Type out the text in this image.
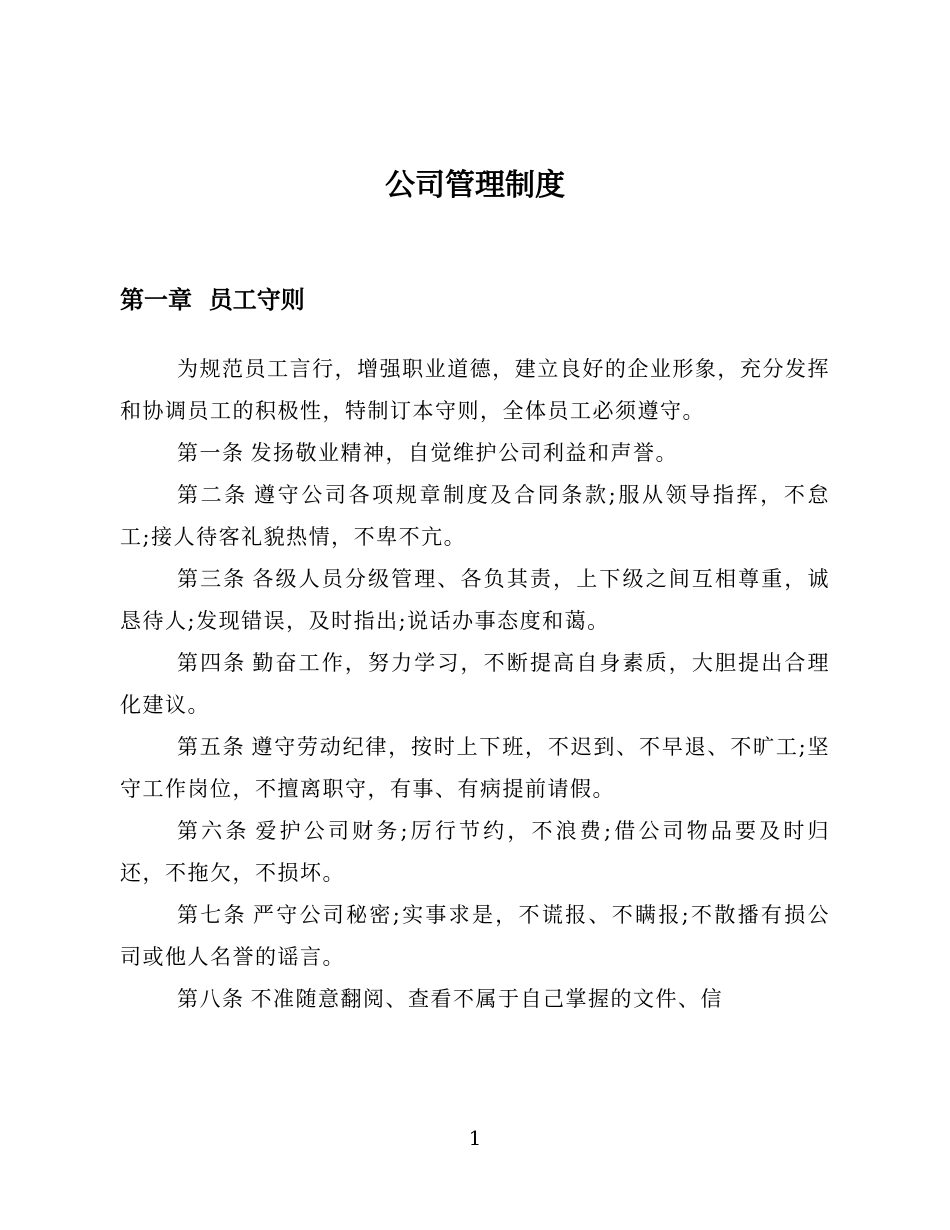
公司管理制度
第一章  员工守则

为规范员工言行，增强职业道德，建立良好的企业形象，充分发挥和协调员工的积极性，特制订本守则，全体员工必须遵守。

第一条 发扬敬业精神，自觉维护公司利益和声誉。

第二条 遵守公司各项规章制度及合同条款;服从领导指挥，不怠工;接人待客礼貌热情，不卑不亢。

第三条 各级人员分级管理、各负其责，上下级之间互相尊重，诚恳待人;发现错误，及时指出;说话办事态度和蔼。

第四条 勤奋工作，努力学习，不断提高自身素质，大胆提出合理化建议。

第五条 遵守劳动纪律，按时上下班，不迟到、不早退、不旷工;坚守工作岗位，不擅离职守，有事、有病提前请假。

第六条 爱护公司财务;厉行节约，不浪费;借公司物品要及时归还，不拖欠，不损坏。

第七条 严守公司秘密;实事求是，不谎报、不瞒报;不散播有损公司或他人名誉的谣言。

第八条 不准随意翻阅、查看不属于自己掌握的文件、信

1
